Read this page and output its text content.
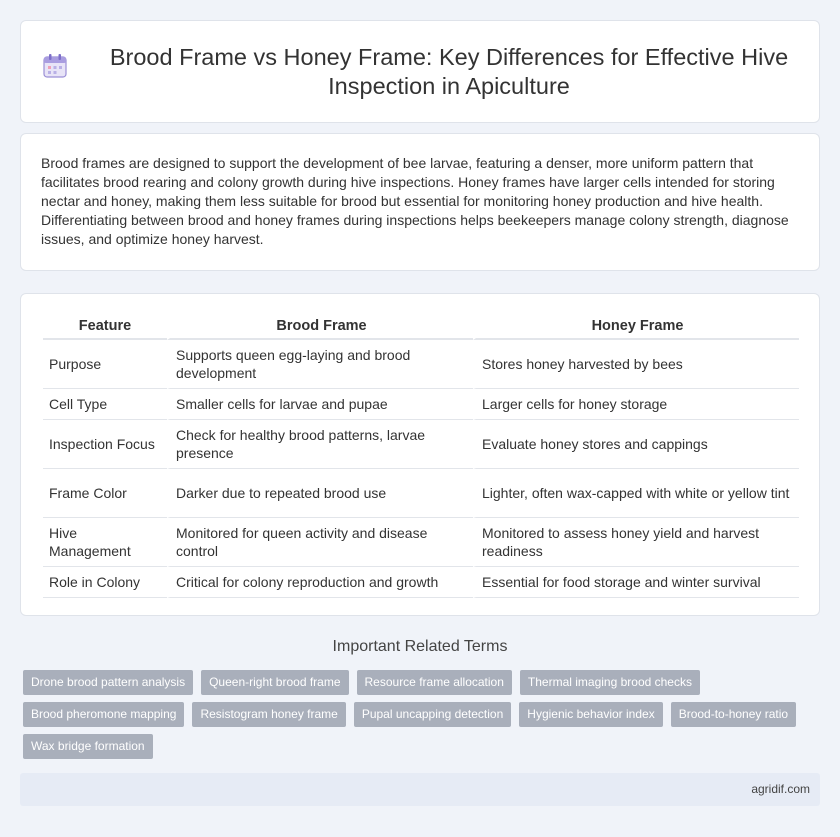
Brood Frame vs Honey Frame: Key Differences for Effective Hive Inspection in Apiculture

Brood frames are designed to support the development of bee larvae, featuring a denser, more uniform pattern that facilitates brood rearing and colony growth during hive inspections. Honey frames have larger cells intended for storing nectar and honey, making them less suitable for brood but essential for monitoring honey production and hive health. Differentiating between brood and honey frames during inspections helps beekeepers manage colony strength, diagnose issues, and optimize honey harvest.

Feature	Brood Frame	Honey Frame
Purpose	Supports queen egg-laying and brood development	Stores honey harvested by bees
Cell Type	Smaller cells for larvae and pupae	Larger cells for honey storage
Inspection Focus	Check for healthy brood patterns, larvae presence	Evaluate honey stores and cappings
Frame Color	Darker due to repeated brood use	Lighter, often wax-capped with white or yellow tint
Hive Management	Monitored for queen activity and disease control	Monitored to assess honey yield and harvest readiness
Role in Colony	Critical for colony reproduction and growth	Essential for food storage and winter survival
Important Related Terms
Drone brood pattern analysis	Queen-right brood frame	Resource frame allocation	Thermal imaging brood checks
Brood pheromone mapping	Resistogram honey frame	Pupal uncapping detection	Hygienic behavior index	Brood-to-honey ratio
Wax bridge formation
agridif.com
